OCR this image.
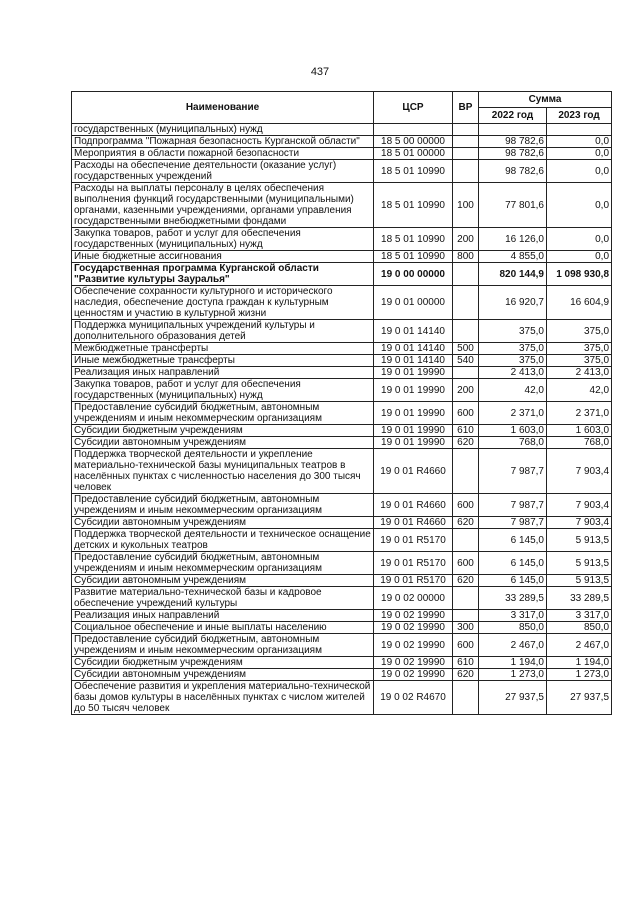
437
Наименование	ЦСР	ВР	Сумма	
			2022 год	2023 год
государственных (муниципальных) нужд				
Подпрограмма "Пожарная безопасность Курганской области"	18 5 00 00000		98 782,6	0,0
Мероприятия в области пожарной безопасности	18 5 01 00000		98 782,6	0,0
Расходы на обеспечение деятельности (оказание услуг) государственных учреждений	18 5 01 10990		98 782,6	0,0
Расходы на выплаты персоналу в целях обеспечения выполнения функций государственными (муниципальными) органами, казенными учреждениями, органами управления государственными внебюджетными фондами	18 5 01 10990	100	77 801,6	0,0
Закупка товаров, работ и услуг для обеспечения государственных (муниципальных) нужд	18 5 01 10990	200	16 126,0	0,0
Иные бюджетные ассигнования	18 5 01 10990	800	4 855,0	0,0
Государственная программа Курганской области "Развитие культуры Зауралья"	19 0 00 00000		820 144,9	1 098 930,8
Обеспечение сохранности культурного и исторического наследия, обеспечение доступа граждан к культурным ценностям и участию в культурной жизни	19 0 01 00000		16 920,7	16 604,9
Поддержка муниципальных учреждений культуры и дополнительного образования детей	19 0 01 14140		375,0	375,0
Межбюджетные трансферты	19 0 01 14140	500	375,0	375,0
Иные межбюджетные трансферты	19 0 01 14140	540	375,0	375,0
Реализация иных направлений	19 0 01 19990		2 413,0	2 413,0
Закупка товаров, работ и услуг для обеспечения государственных (муниципальных) нужд	19 0 01 19990	200	42,0	42,0
Предоставление субсидий бюджетным, автономным учреждениям и иным некоммерческим организациям	19 0 01 19990	600	2 371,0	2 371,0
Субсидии бюджетным учреждениям	19 0 01 19990	610	1 603,0	1 603,0
Субсидии автономным учреждениям	19 0 01 19990	620	768,0	768,0
Поддержка творческой деятельности и укрепление материально-технической базы муниципальных театров в населённых пунктах с численностью населения до 300 тысяч человек	19 0 01 R4660		7 987,7	7 903,4
Предоставление субсидий бюджетным, автономным учреждениям и иным некоммерческим организациям	19 0 01 R4660	600	7 987,7	7 903,4
Субсидии автономным учреждениям	19 0 01 R4660	620	7 987,7	7 903,4
Поддержка творческой деятельности и техническое оснащение детских и кукольных театров	19 0 01 R5170		6 145,0	5 913,5
Предоставление субсидий бюджетным, автономным учреждениям и иным некоммерческим организациям	19 0 01 R5170	600	6 145,0	5 913,5
Субсидии автономным учреждениям	19 0 01 R5170	620	6 145,0	5 913,5
Развитие материально-технической базы и кадровое обеспечение учреждений культуры	19 0 02 00000		33 289,5	33 289,5
Реализация иных направлений	19 0 02 19990		3 317,0	3 317,0
Социальное обеспечение и иные выплаты населению	19 0 02 19990	300	850,0	850,0
Предоставление субсидий бюджетным, автономным учреждениям и иным некоммерческим организациям	19 0 02 19990	600	2 467,0	2 467,0
Субсидии бюджетным учреждениям	19 0 02 19990	610	1 194,0	1 194,0
Субсидии автономным учреждениям	19 0 02 19990	620	1 273,0	1 273,0
Обеспечение развития и укрепления материально-технической базы домов культуры в населённых пунктах с числом жителей до 50 тысяч человек	19 0 02 R4670		27 937,5	27 937,5
